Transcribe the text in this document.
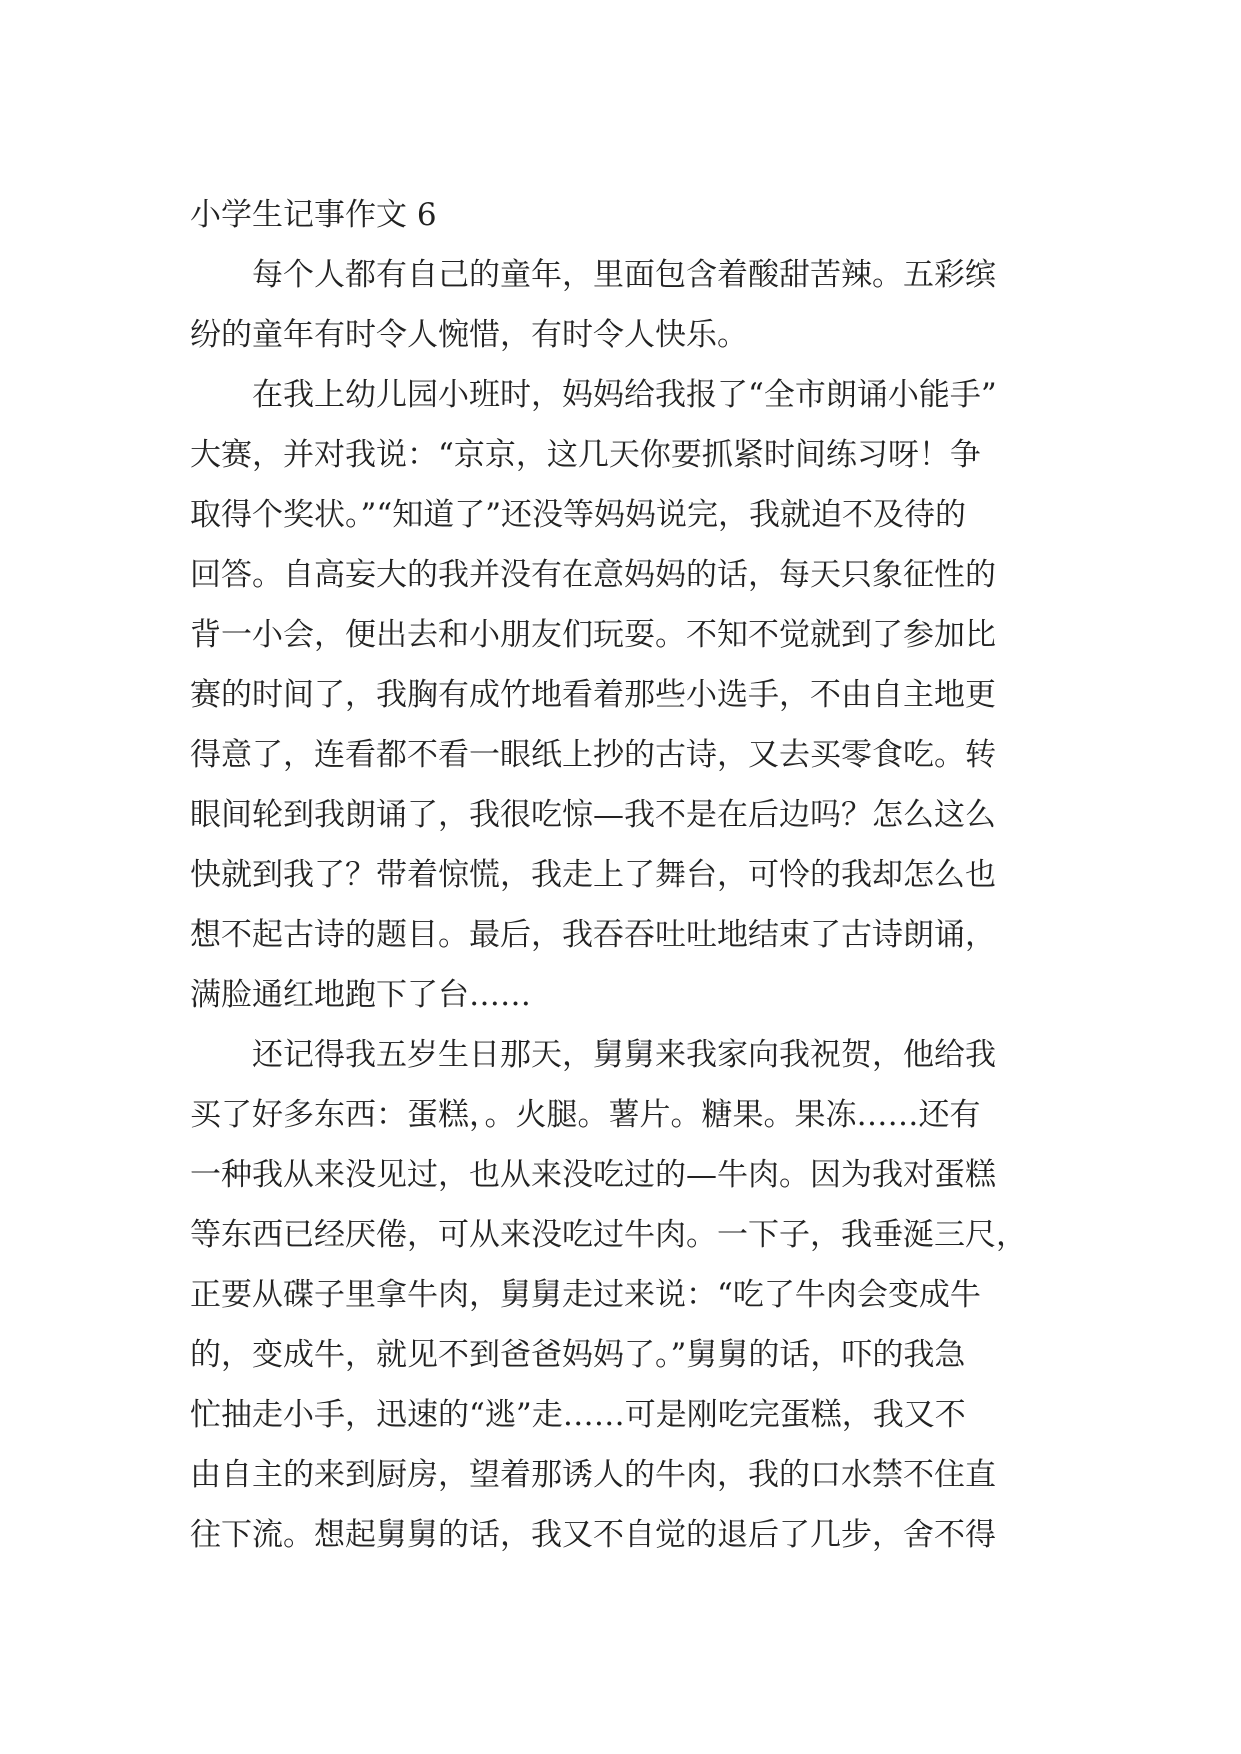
小学生记事作文 6

每个人都有自己的童年，里面包含着酸甜苦辣。五彩缤
纷的童年有时令人惋惜，有时令人快乐。

在我上幼儿园小班时，妈妈给我报了“全市朗诵小能手”
大赛，并对我说：“京京，这几天你要抓紧时间练习呀！争
取得个奖状。”“知道了”还没等妈妈说完，我就迫不及待的
回答。自高妄大的我并没有在意妈妈的话，每天只象征性的
背一小会，便出去和小朋友们玩耍。不知不觉就到了参加比
赛的时间了，我胸有成竹地看着那些小选手，不由自主地更
得意了，连看都不看一眼纸上抄的古诗，又去买零食吃。转
眼间轮到我朗诵了，我很吃惊—我不是在后边吗？怎么这么
快就到我了？带着惊慌，我走上了舞台，可怜的我却怎么也
想不起古诗的题目。最后，我吞吞吐吐地结束了古诗朗诵，
满脸通红地跑下了台……

还记得我五岁生日那天，舅舅来我家向我祝贺，他给我
买了好多东西：蛋糕，。火腿。薯片。糖果。果冻……还有
一种我从来没见过，也从来没吃过的—牛肉。因为我对蛋糕
等东西已经厌倦，可从来没吃过牛肉。一下子，我垂涎三尺，
正要从碟子里拿牛肉，舅舅走过来说：“吃了牛肉会变成牛
的，变成牛，就见不到爸爸妈妈了。”舅舅的话，吓的我急
忙抽走小手，迅速的“逃”走……可是刚吃完蛋糕，我又不
由自主的来到厨房，望着那诱人的牛肉，我的口水禁不住直
往下流。想起舅舅的话，我又不自觉的退后了几步，舍不得
